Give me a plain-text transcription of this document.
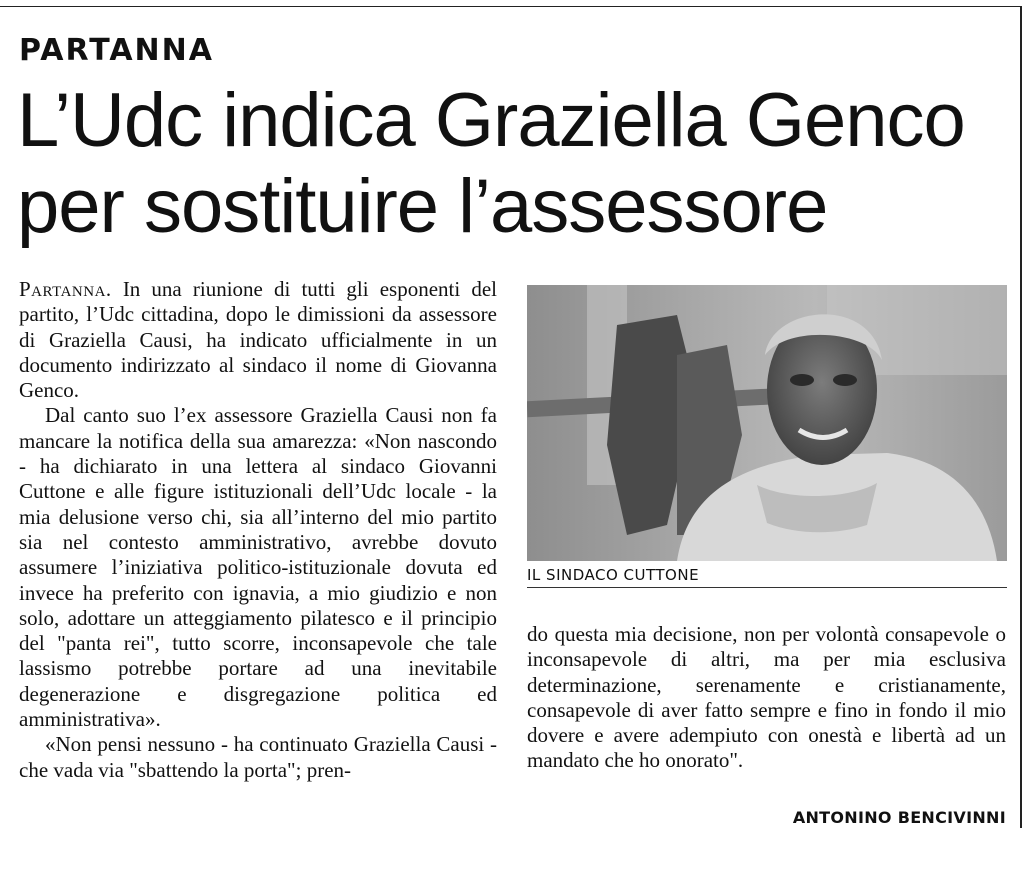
PARTANNA
L’Udc indica Graziella Genco
per sostituire l’assessore

Partanna. In una riunione di tutti gli esponenti del partito, l’Udc cittadina, dopo le dimissioni da assessore di Graziella Causi, ha indicato ufficialmente in un documento indirizzato al sindaco il nome di Giovanna Genco.

Dal canto suo l’ex assessore Graziella Causi non fa mancare la notifica della sua amarezza: «Non nascondo - ha dichiarato in una lettera al sindaco Giovanni Cuttone e alle figure istituzionali dell’Udc locale - la mia delusione verso chi, sia all’interno del mio partito sia nel contesto amministrativo, avrebbe dovuto assumere l’iniziativa politico-istituzionale dovuta ed invece ha preferito con ignavia, a mio giudizio e non solo, adottare un atteggiamento pilatesco e il principio del "panta rei", tutto scorre, inconsapevole che tale lassismo potrebbe portare ad una inevitabile degenerazione e disgregazione politica ed amministrativa».

«Non pensi nessuno - ha continuato Graziella Causi - che vada via "sbattendo la porta"; pren-

IL SINDACO CUTTONE

do questa mia decisione, non per volontà consapevole o inconsapevole di altri, ma per mia esclusiva determinazione, serenamente e cristianamente, consapevole di aver fatto sempre e fino in fondo il mio dovere e avere adempiuto con onestà e libertà ad un mandato che ho onorato".

ANTONINO BENCIVINNI
